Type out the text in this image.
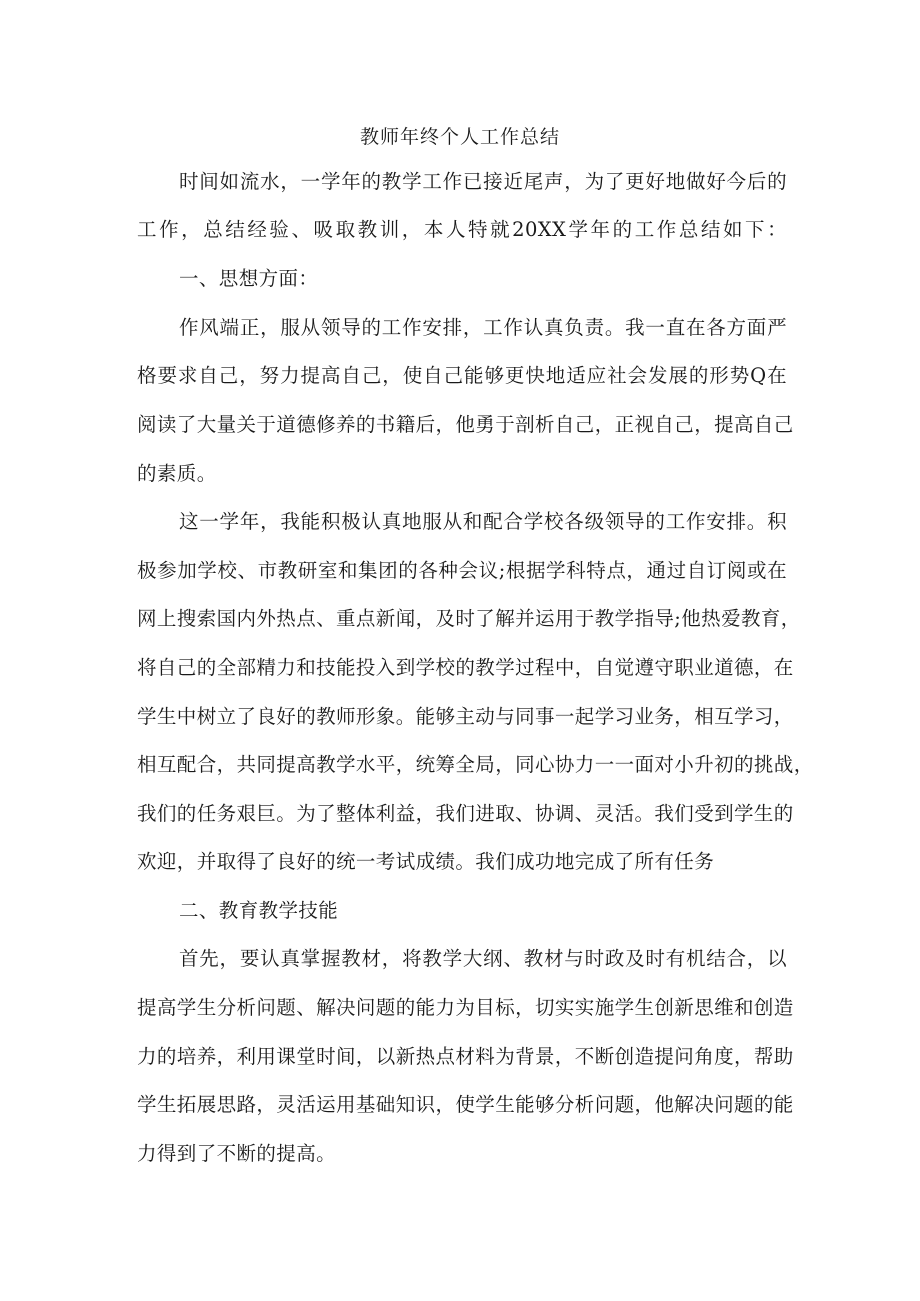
教师年终个人工作总结
时间如流水，一学年的教学工作已接近尾声，为了更好地做好今后的
工作，总结经验、吸取教训，本人特就20XX学年的工作总结如下：
一、思想方面：
作风端正，服从领导的工作安排，工作认真负责。我一直在各方面严
格要求自己，努力提高自己，使自己能够更快地适应社会发展的形势Q在
阅读了大量关于道德修养的书籍后，他勇于剖析自己，正视自己，提高自己
的素质。
这一学年，我能积极认真地服从和配合学校各级领导的工作安排。积
极参加学校、市教研室和集团的各种会议;根据学科特点，通过自订阅或在
网上搜索国内外热点、重点新闻，及时了解并运用于教学指导;他热爱教育，
将自己的全部精力和技能投入到学校的教学过程中，自觉遵守职业道德，在
学生中树立了良好的教师形象。能够主动与同事一起学习业务，相互学习，
相互配合，共同提高教学水平，统筹全局，同心协力一一面对小升初的挑战，
我们的任务艰巨。为了整体利益，我们进取、协调、灵活。我们受到学生的
欢迎，并取得了良好的统一考试成绩。我们成功地完成了所有任务
二、教育教学技能
首先，要认真掌握教材，将教学大纲、教材与时政及时有机结合，以
提高学生分析问题、解决问题的能力为目标，切实实施学生创新思维和创造
力的培养，利用课堂时间，以新热点材料为背景，不断创造提问角度，帮助
学生拓展思路，灵活运用基础知识，使学生能够分析问题，他解决问题的能
力得到了不断的提高。
